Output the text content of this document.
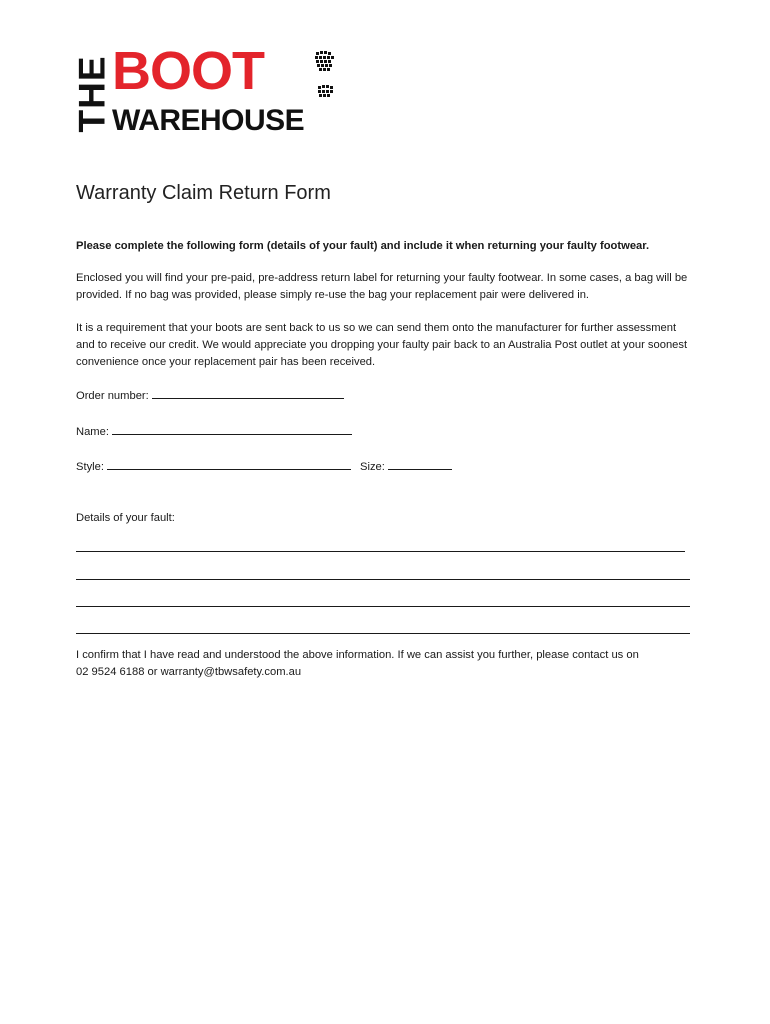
THE BOOT
WAREHOUSE
Warranty Claim Return Form

Please complete the following form (details of your fault) and include it when returning your faulty footwear.

Enclosed you will find your pre-paid, pre-address return label for returning your faulty footwear. In some cases, a bag will be provided. If no bag was provided, please simply re-use the bag your replacement pair were delivered in.

It is a requirement that your boots are sent back to us so we can send them onto the manufacturer for further assessment and to receive our credit. We would appreciate you dropping your faulty pair back to an Australia Post outlet at your soonest convenience once your replacement pair has been received.

Order number:
Name:
Style:	Size:
Details of your fault:

I confirm that I have read and understood the above information. If we can assist you further, please contact us on
02 9524 6188 or warranty@tbwsafety.com.au
